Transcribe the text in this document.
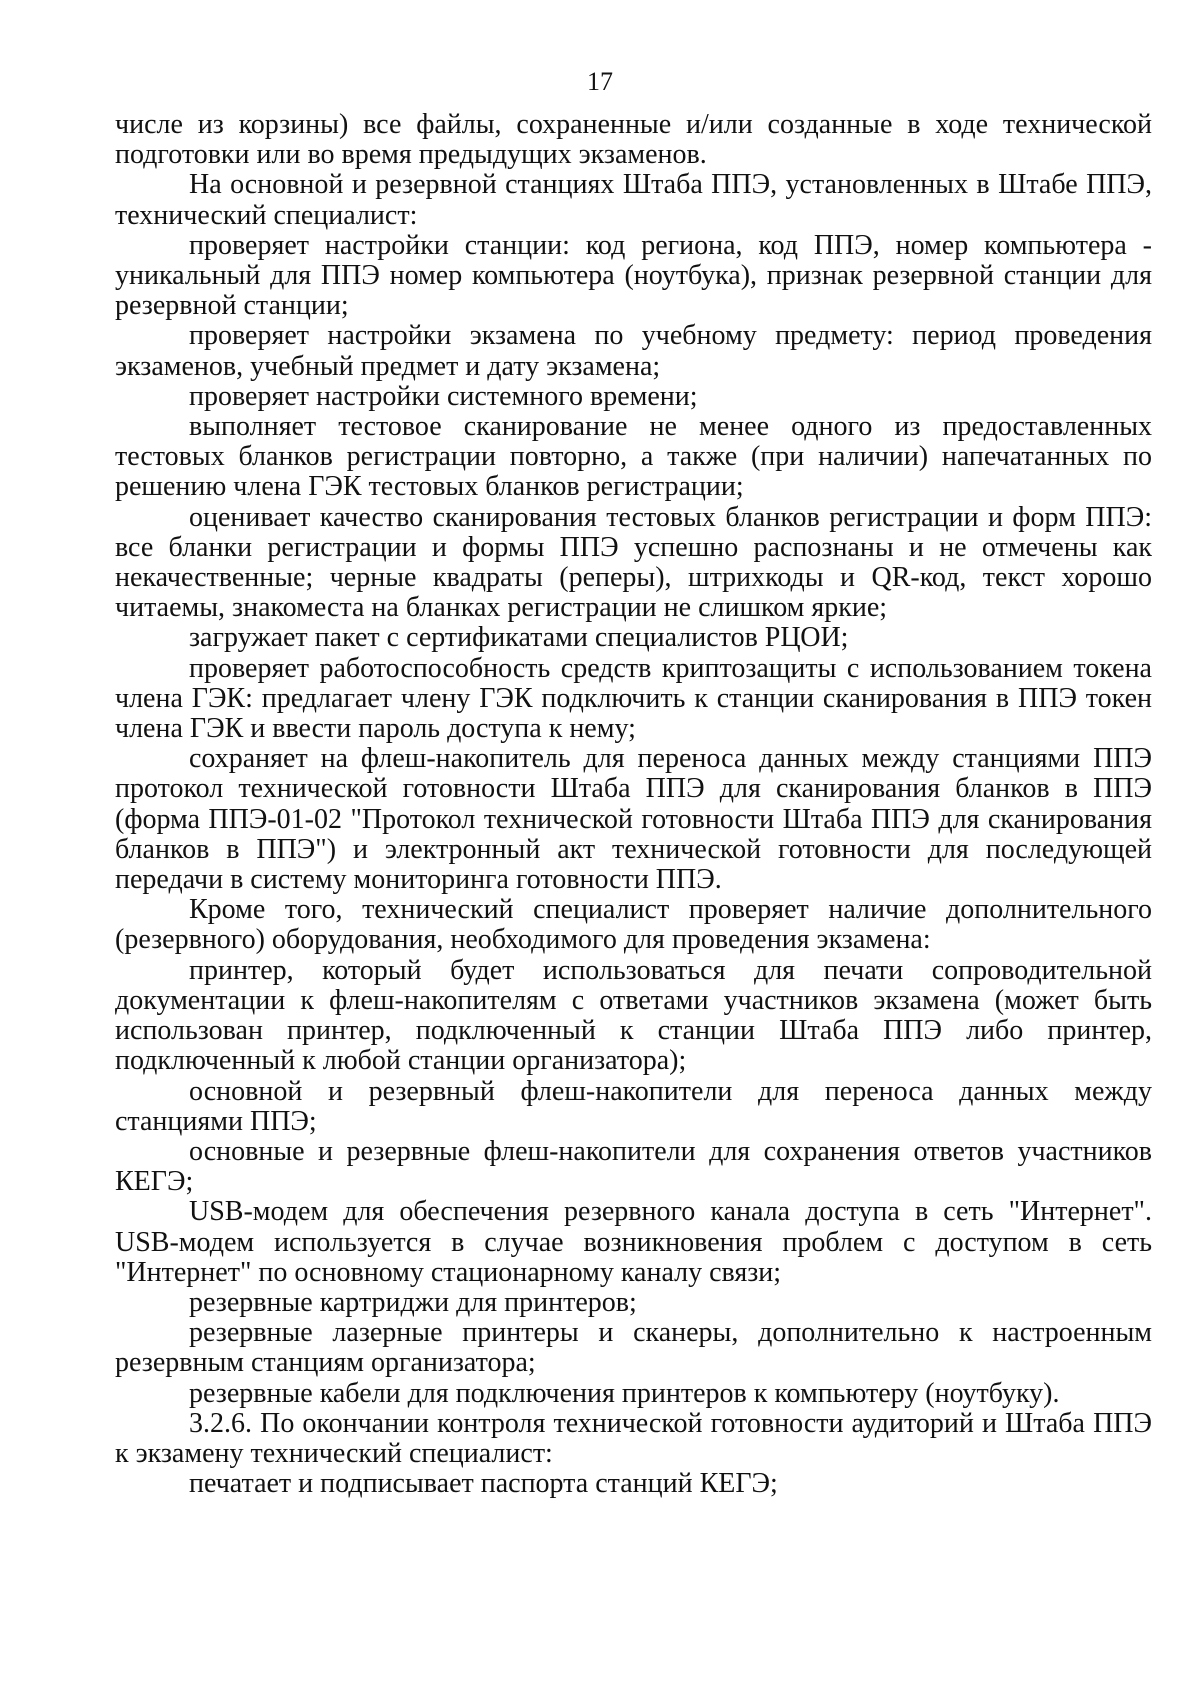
17

числе из корзины) все файлы, сохраненные и/или созданные в ходе технической подготовки или во время предыдущих экзаменов.

На основной и резервной станциях Штаба ППЭ, установленных в Штабе ППЭ, технический специалист:

проверяет настройки станции: код региона, код ППЭ, номер компьютера - уникальный для ППЭ номер компьютера (ноутбука), признак резервной станции для резервной станции;

проверяет настройки экзамена по учебному предмету: период проведения экзаменов, учебный предмет и дату экзамена;

проверяет настройки системного времени;

выполняет тестовое сканирование не менее одного из предоставленных тестовых бланков регистрации повторно, а также (при наличии) напечатанных по решению члена ГЭК тестовых бланков регистрации;

оценивает качество сканирования тестовых бланков регистрации и форм ППЭ: все бланки регистрации и формы ППЭ успешно распознаны и не отмечены как некачественные; черные квадраты (реперы), штрихкоды и QR-код, текст хорошо читаемы, знакоместа на бланках регистрации не слишком яркие;

загружает пакет с сертификатами специалистов РЦОИ;

проверяет работоспособность средств криптозащиты с использованием токена члена ГЭК: предлагает члену ГЭК подключить к станции сканирования в ППЭ токен члена ГЭК и ввести пароль доступа к нему;

сохраняет на флеш-накопитель для переноса данных между станциями ППЭ протокол технической готовности Штаба ППЭ для сканирования бланков в ППЭ (форма ППЭ-01-02 "Протокол технической готовности Штаба ППЭ для сканирования бланков в ППЭ") и электронный акт технической готовности для последующей передачи в систему мониторинга готовности ППЭ.

Кроме того, технический специалист проверяет наличие дополнительного (резервного) оборудования, необходимого для проведения экзамена:

принтер, который будет использоваться для печати сопроводительной документации к флеш-накопителям с ответами участников экзамена (может быть использован принтер, подключенный к станции Штаба ППЭ либо принтер, подключенный к любой станции организатора);

основной и резервный флеш-накопители для переноса данных между станциями ППЭ;

основные и резервные флеш-накопители для сохранения ответов участников КЕГЭ;

USB-модем для обеспечения резервного канала доступа в сеть "Интернет". USB-модем используется в случае возникновения проблем с доступом в сеть "Интернет" по основному стационарному каналу связи;

резервные картриджи для принтеров;

резервные лазерные принтеры и сканеры, дополнительно к настроенным резервным станциям организатора;

резервные кабели для подключения принтеров к компьютеру (ноутбуку).

3.2.6. По окончании контроля технической готовности аудиторий и Штаба ППЭ к экзамену технический специалист:

печатает и подписывает паспорта станций КЕГЭ;
